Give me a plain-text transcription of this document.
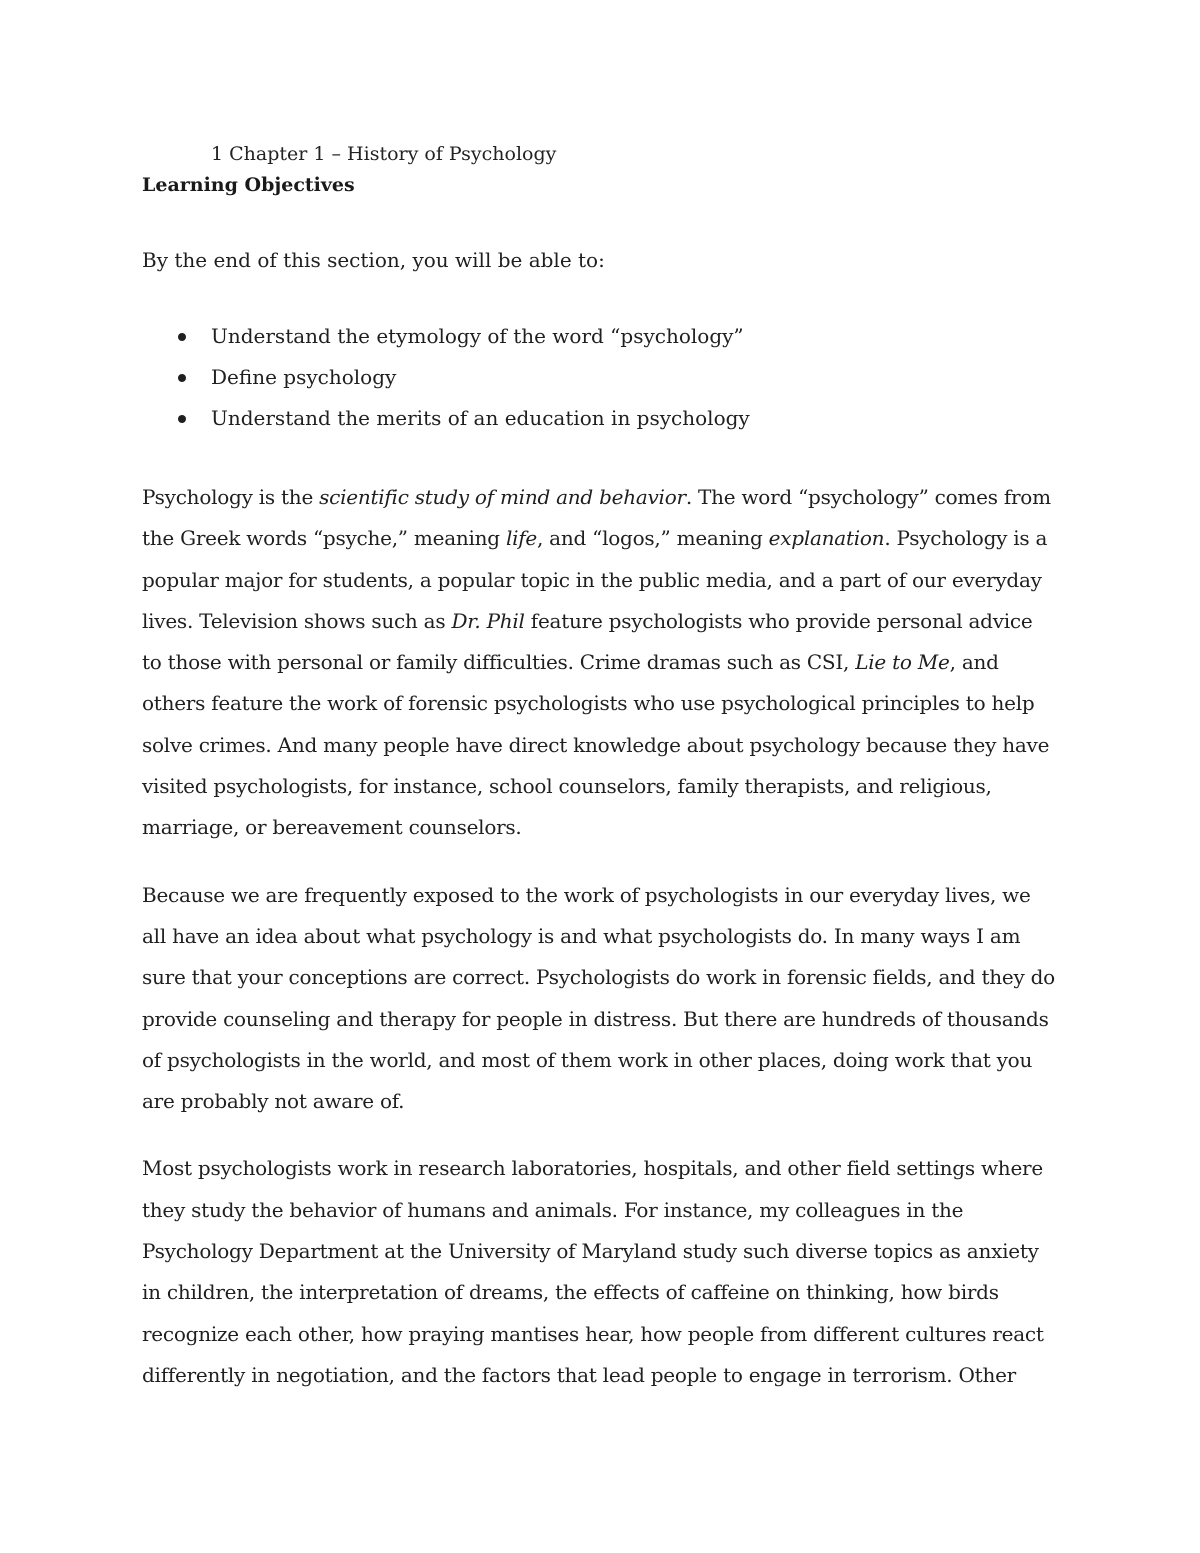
1 Chapter 1 – History of Psychology
Learning Objectives

By the end of this section, you will be able to:

Understand the etymology of the word “psychology”
Define psychology
Understand the merits of an education in psychology

Psychology is the scientific study of mind and behavior. The word “psychology” comes from the Greek words “psyche,” meaning life, and “logos,” meaning explanation. Psychology is a popular major for students, a popular topic in the public media, and a part of our everyday lives. Television shows such as Dr. Phil feature psychologists who provide personal advice to those with personal or family difficulties. Crime dramas such as CSI, Lie to Me, and others feature the work of forensic psychologists who use psychological principles to help solve crimes. And many people have direct knowledge about psychology because they have visited psychologists, for instance, school counselors, family therapists, and religious, marriage, or bereavement counselors.

Because we are frequently exposed to the work of psychologists in our everyday lives, we all have an idea about what psychology is and what psychologists do. In many ways I am sure that your conceptions are correct. Psychologists do work in forensic fields, and they do provide counseling and therapy for people in distress. But there are hundreds of thousands of psychologists in the world, and most of them work in other places, doing work that you are probably not aware of.

Most psychologists work in research laboratories, hospitals, and other field settings where they study the behavior of humans and animals. For instance, my colleagues in the Psychology Department at the University of Maryland study such diverse topics as anxiety in children, the interpretation of dreams, the effects of caffeine on thinking, how birds recognize each other, how praying mantises hear, how people from different cultures react differently in negotiation, and the factors that lead people to engage in terrorism. Other
